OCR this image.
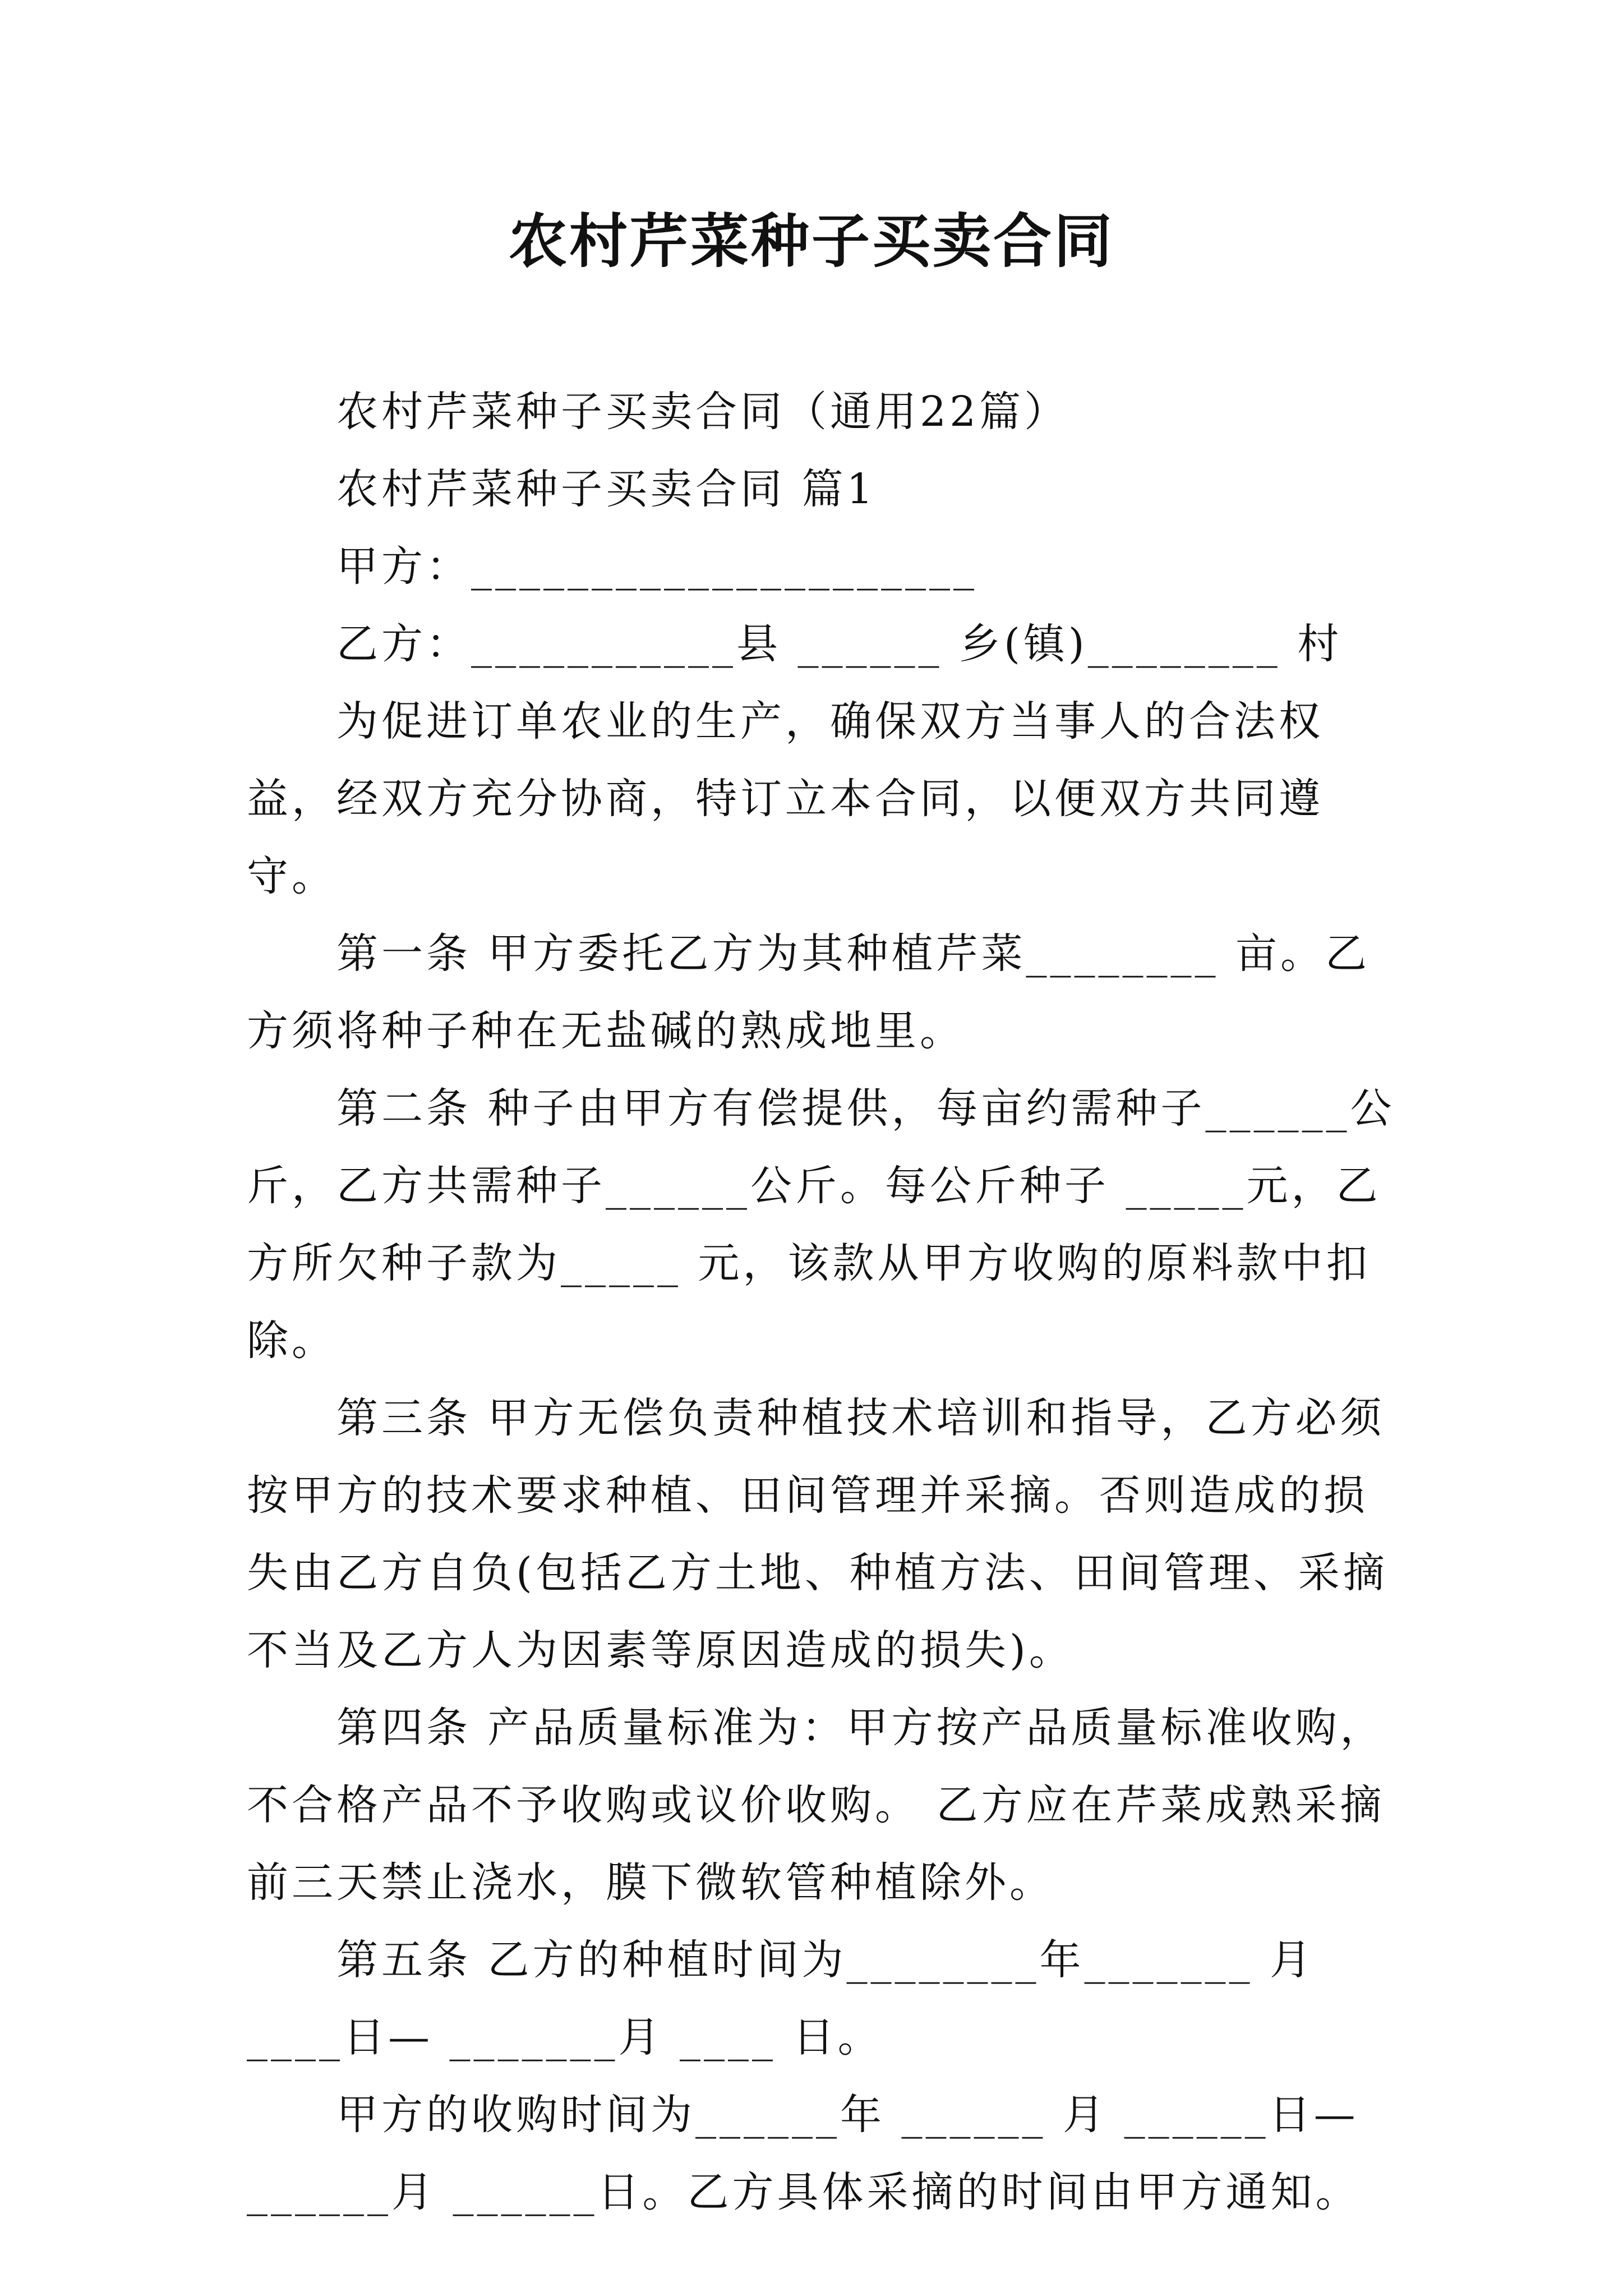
农村芹菜种子买卖合同

农村芹菜种子买卖合同（通用22篇）

农村芹菜种子买卖合同 篇1

甲方：_____________________

乙方：___________县 ______ 乡(镇)________ 村

为促进订单农业的生产，确保双方当事人的合法权益，经双方充分协商，特订立本合同，以便双方共同遵守。

第一条 甲方委托乙方为其种植芹菜________ 亩。乙方须将种子种在无盐碱的熟成地里。

第二条 种子由甲方有偿提供，每亩约需种子______公斤，乙方共需种子______公斤。每公斤种子 _____元，乙方所欠种子款为_____ 元，该款从甲方收购的原料款中扣除。

第三条 甲方无偿负责种植技术培训和指导，乙方必须按甲方的技术要求种植、田间管理并采摘。否则造成的损失由乙方自负(包括乙方土地、种植方法、田间管理、采摘不当及乙方人为因素等原因造成的损失)。

第四条 产品质量标准为：甲方按产品质量标准收购，不合格产品不予收购或议价收购。 乙方应在芹菜成熟采摘前三天禁止浇水，膜下微软管种植除外。

第五条 乙方的种植时间为________年_______ 月____日— _______月 ____ 日。

甲方的收购时间为______年 ______ 月 ______日—______月 ______日。乙方具体采摘的时间由甲方通知。
